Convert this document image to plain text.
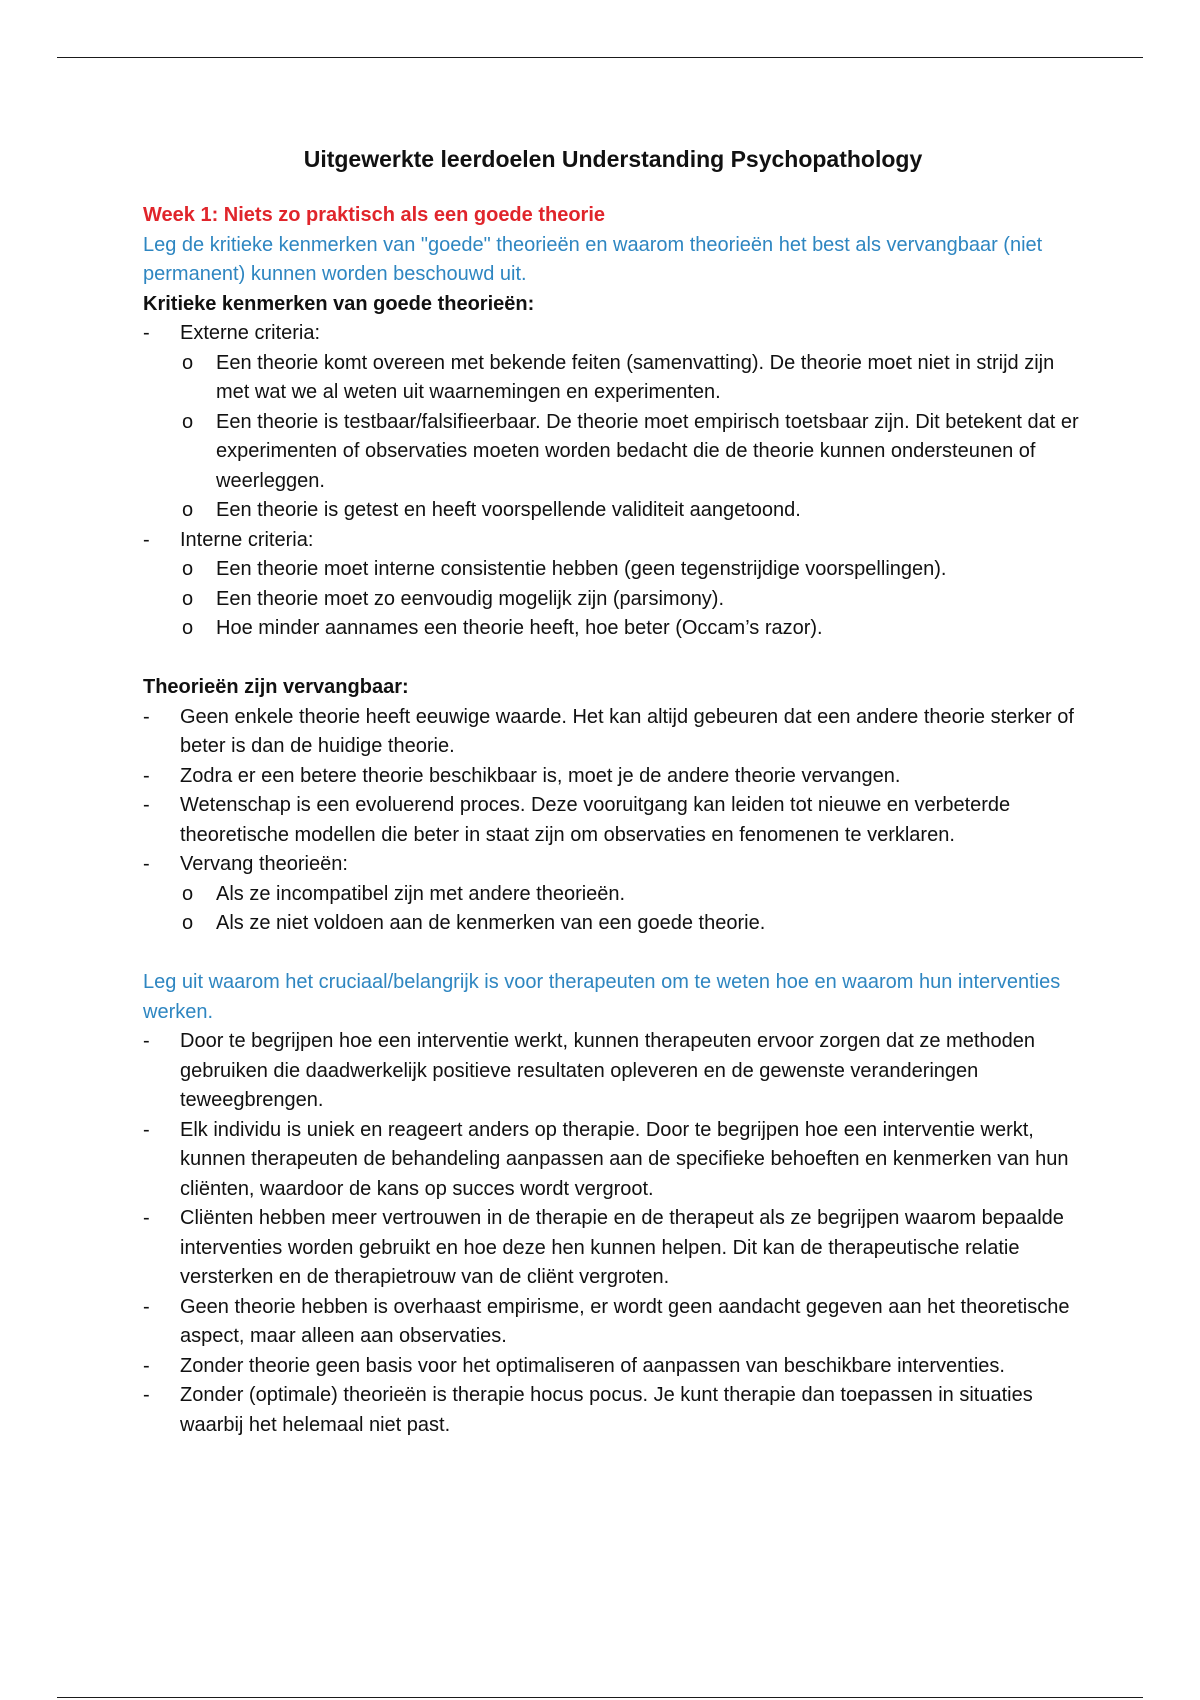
Uitgewerkte leerdoelen Understanding Psychopathology

Week 1: Niets zo praktisch als een goede theorie

Leg de kritieke kenmerken van "goede" theorieën en waarom theorieën het best als vervangbaar (niet permanent) kunnen worden beschouwd uit.

Kritieke kenmerken van goede theorieën:

-	Externe criteria:
o Een theorie komt overeen met bekende feiten (samenvatting). De theorie moet niet in strijd zijn met wat we al weten uit waarnemingen en experimenten.
o Een theorie is testbaar/falsifieerbaar. De theorie moet empirisch toetsbaar zijn. Dit betekent dat er experimenten of observaties moeten worden bedacht die de theorie kunnen ondersteunen of weerleggen.
o Een theorie is getest en heeft voorspellende validiteit aangetoond.
-	Interne criteria:
o Een theorie moet interne consistentie hebben (geen tegenstrijdige voorspellingen).
o Een theorie moet zo eenvoudig mogelijk zijn (parsimony).
o Hoe minder aannames een theorie heeft, hoe beter (Occam’s razor).

Theorieën zijn vervangbaar:

-	Geen enkele theorie heeft eeuwige waarde. Het kan altijd gebeuren dat een andere theorie sterker of beter is dan de huidige theorie.
-	Zodra er een betere theorie beschikbaar is, moet je de andere theorie vervangen.
-	Wetenschap is een evoluerend proces. Deze vooruitgang kan leiden tot nieuwe en verbeterde theoretische modellen die beter in staat zijn om observaties en fenomenen te verklaren.
-	Vervang theorieën:
o Als ze incompatibel zijn met andere theorieën.
o Als ze niet voldoen aan de kenmerken van een goede theorie.

Leg uit waarom het cruciaal/belangrijk is voor therapeuten om te weten hoe en waarom hun interventies werken.

-	Door te begrijpen hoe een interventie werkt, kunnen therapeuten ervoor zorgen dat ze methoden gebruiken die daadwerkelijk positieve resultaten opleveren en de gewenste veranderingen teweegbrengen.
-	Elk individu is uniek en reageert anders op therapie. Door te begrijpen hoe een interventie werkt, kunnen therapeuten de behandeling aanpassen aan de specifieke behoeften en kenmerken van hun cliënten, waardoor de kans op succes wordt vergroot.
-	Cliënten hebben meer vertrouwen in de therapie en de therapeut als ze begrijpen waarom bepaalde interventies worden gebruikt en hoe deze hen kunnen helpen. Dit kan de therapeutische relatie versterken en de therapietrouw van de cliënt vergroten.
-	Geen theorie hebben is overhaast empirisme, er wordt geen aandacht gegeven aan het theoretische aspect, maar alleen aan observaties.
-	Zonder theorie geen basis voor het optimaliseren of aanpassen van beschikbare interventies.
-	Zonder (optimale) theorieën is therapie hocus pocus. Je kunt therapie dan toepassen in situaties waarbij het helemaal niet past.
